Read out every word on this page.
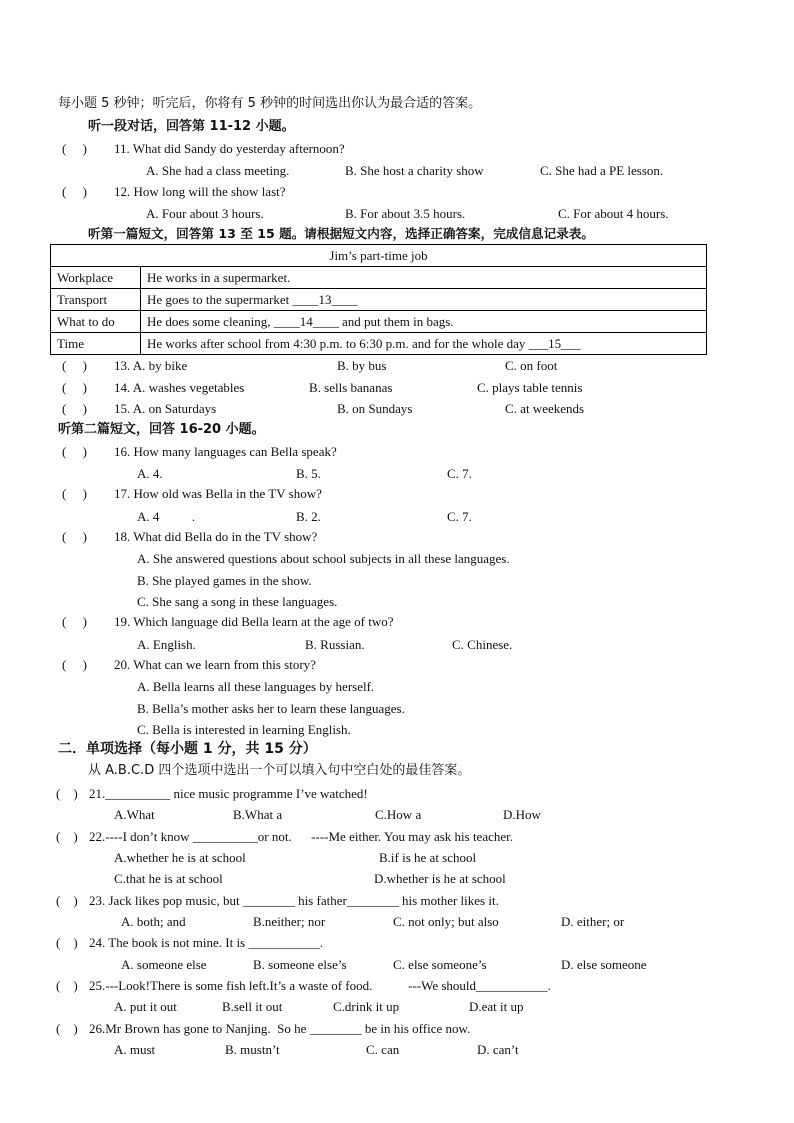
每小题 5 秒钟；听完后，你将有 5 秒钟的时间选出你认为最合适的答案。
听一段对话，回答第 11-12 小题。
(     ) 11. What did Sandy do yesterday afternoon?
A. She had a class meeting.	B. She host a charity show	C. She had a PE lesson.
(     ) 12. How long will the show last?
A. Four about 3 hours.	B. For about 3.5 hours.	C. For about 4 hours.
听第一篇短文，回答第 13 至 15 题。请根据短文内容，选择正确答案，完成信息记录表。
Jim’s part-time job	
Workplace	He works in a supermarket.
Transport	He goes to the supermarket ____13____
What to do	He does some cleaning, ____14____ and put them in bags.
Time	He works after school from 4:30 p.m. to 6:30 p.m. and for the whole day ___15___
(     ) 13. A. by bike	B. by bus	C. on foot
(     ) 14. A. washes vegetables	B. sells bananas	C. plays table tennis
(     ) 15. A. on Saturdays	B. on Sundays	C. at weekends
听第二篇短文，回答 16-20 小题。
(     ) 16. How many languages can Bella speak?
A. 4.	B. 5.	C. 7.
(     ) 17. How old was Bella in the TV show?
A. 4          .	B. 2.	C. 7.
(     ) 18. What did Bella do in the TV show?
A. She answered questions about school subjects in all these languages.
B. She played games in the show.
C. She sang a song in these languages.
(     ) 19. Which language did Bella learn at the age of two?
A. English.	B. Russian.	C. Chinese.
(     ) 20. What can we learn from this story?
A. Bella learns all these languages by herself.
B. Bella’s mother asks her to learn these languages.
C. Bella is interested in learning English.
二．单项选择（每小题 1 分，共 15 分）
从 A.B.C.D 四个选项中选出一个可以填入句中空白处的最佳答案。
(    ) 21.__________ nice music programme I’ve watched!
A.What	B.What a	C.How a	D.How
(    ) 22.----I don’t know __________or not.      ----Me either. You may ask his teacher.
A.whether he is at school	B.if is he at school
C.that he is at school	D.whether is he at school
(    ) 23. Jack likes pop music, but ________ his father________ his mother likes it.
A. both; and	B.neither; nor	C. not only; but also	D. either; or
(    ) 24. The book is not mine. It is ___________.
A. someone else	B. someone else’s	C. else someone’s	D. else someone
(    ) 25.---Look!There is some fish left.It’s a waste of food.           ---We should___________.
A. put it out	B.sell it out	C.drink it up	D.eat it up
(    ) 26.Mr Brown has gone to Nanjing.  So he ________ be in his office now.
A. must	B. mustn’t	C. can	D. can’t
